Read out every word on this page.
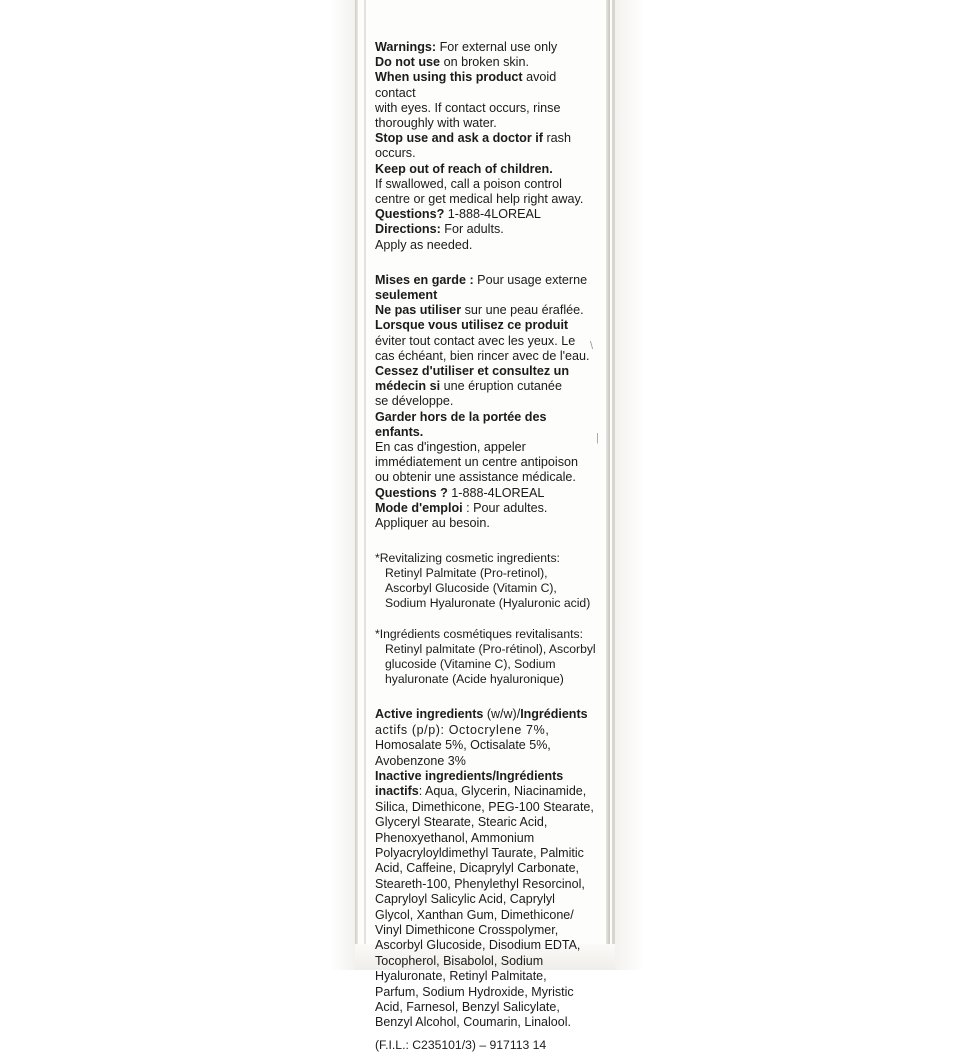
\
|
Warnings: For external use only
Do not use on broken skin.
When using this product avoid contact
with eyes. If contact occurs, rinse
thoroughly with water.
Stop use and ask a doctor if rash occurs.
Keep out of reach of children.
If swallowed, call a poison control
centre or get medical help right away.
Questions? 1-888-4LOREAL
Directions: For adults.
Apply as needed.
Mises en garde : Pour usage externe
seulement
Ne pas utiliser sur une peau éraflée.
Lorsque vous utilisez ce produit
éviter tout contact avec les yeux. Le
cas échéant, bien rincer avec de l'eau.
Cessez d'utiliser et consultez un
médecin si une éruption cutanée
se développe.
Garder hors de la portée des enfants.
En cas d'ingestion, appeler
immédiatement un centre antipoison
ou obtenir une assistance médicale.
Questions ? 1-888-4LOREAL
Mode d'emploi : Pour adultes.
Appliquer au besoin.
*Revitalizing cosmetic ingredients:
Retinyl Palmitate (Pro-retinol),
Ascorbyl Glucoside (Vitamin C),
Sodium Hyaluronate (Hyaluronic acid)
*Ingrédients cosmétiques revitalisants:
Retinyl palmitate (Pro-rétinol), Ascorbyl
glucoside (Vitamine C), Sodium
hyaluronate (Acide hyaluronique)
Active ingredients (w/w)/Ingrédients
actifs (p/p): Octocrylene 7%,
Homosalate 5%, Octisalate 5%,
Avobenzone 3%
Inactive ingredients/Ingrédients
inactifs: Aqua, Glycerin, Niacinamide,
Silica, Dimethicone, PEG-100 Stearate,
Glyceryl Stearate, Stearic Acid,
Phenoxyethanol, Ammonium
Polyacryloyldimethyl Taurate, Palmitic
Acid, Caffeine, Dicaprylyl Carbonate,
Steareth-100, Phenylethyl Resorcinol,
Capryloyl Salicylic Acid, Caprylyl
Glycol, Xanthan Gum, Dimethicone/
Vinyl Dimethicone Crosspolymer,
Ascorbyl Glucoside, Disodium EDTA,
Tocopherol, Bisabolol, Sodium
Hyaluronate, Retinyl Palmitate,
Parfum, Sodium Hydroxide, Myristic
Acid, Farnesol, Benzyl Salicylate,
Benzyl Alcohol, Coumarin, Linalool.
(F.I.L.: C235101/3) – 917113 14
